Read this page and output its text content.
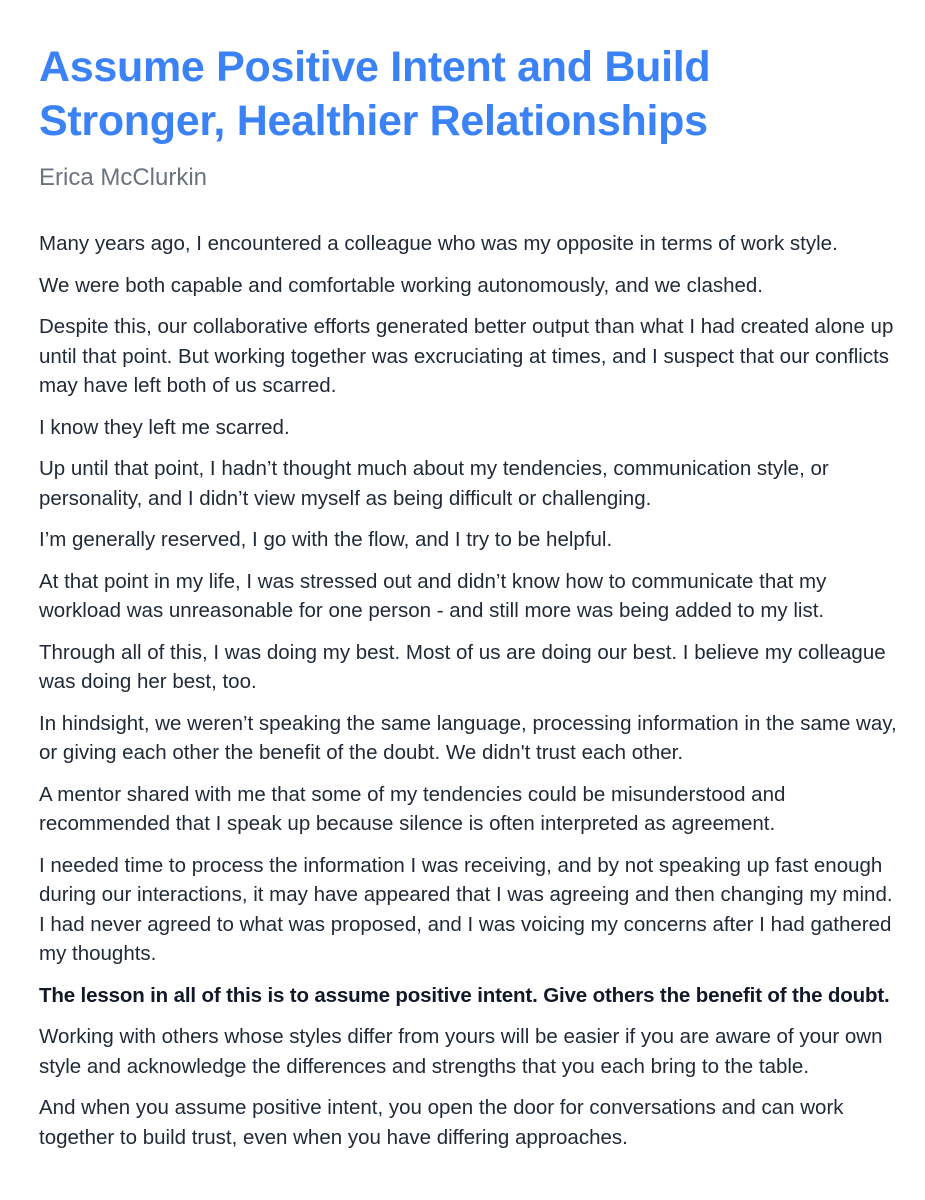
Assume Positive Intent and Build Stronger, Healthier Relationships
Erica McClurkin

Many years ago, I encountered a colleague who was my opposite in terms of work style.

We were both capable and comfortable working autonomously, and we clashed.

Despite this, our collaborative efforts generated better output than what I had created alone up until that point. But working together was excruciating at times, and I suspect that our conflicts may have left both of us scarred.

I know they left me scarred.

Up until that point, I hadn’t thought much about my tendencies, communication style, or personality, and I didn’t view myself as being difficult or challenging.

I’m generally reserved, I go with the flow, and I try to be helpful.

At that point in my life, I was stressed out and didn’t know how to communicate that my workload was unreasonable for one person - and still more was being added to my list.

Through all of this, I was doing my best. Most of us are doing our best. I believe my colleague was doing her best, too.

In hindsight, we weren’t speaking the same language, processing information in the same way, or giving each other the benefit of the doubt. We didn't trust each other.

A mentor shared with me that some of my tendencies could be misunderstood and recommended that I speak up because silence is often interpreted as agreement.

I needed time to process the information I was receiving, and by not speaking up fast enough during our interactions, it may have appeared that I was agreeing and then changing my mind. I had never agreed to what was proposed, and I was voicing my concerns after I had gathered my thoughts.

The lesson in all of this is to assume positive intent. Give others the benefit of the doubt.

Working with others whose styles differ from yours will be easier if you are aware of your own style and acknowledge the differences and strengths that you each bring to the table.

And when you assume positive intent, you open the door for conversations and can work together to build trust, even when you have differing approaches.
